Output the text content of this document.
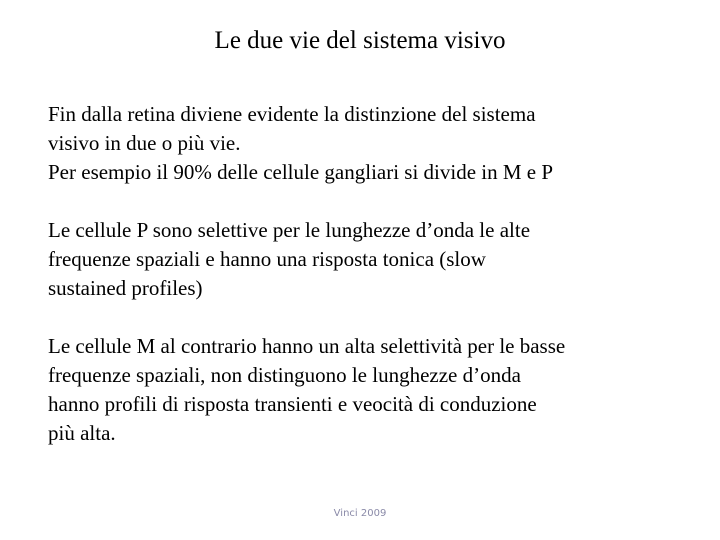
Le due vie del sistema visivo

Fin dalla retina diviene evidente la distinzione del sistema
visivo in due o più vie.
Per esempio il 90% delle cellule gangliari si divide in M e P

Le cellule P sono selettive per le lunghezze d’onda le alte
frequenze spaziali e hanno una risposta tonica (slow
sustained profiles)

Le cellule M al contrario hanno un alta selettività per le basse
frequenze spaziali, non distinguono le lunghezze d’onda
hanno profili di risposta transienti e veocità di conduzione
più alta.

Vinci 2009
